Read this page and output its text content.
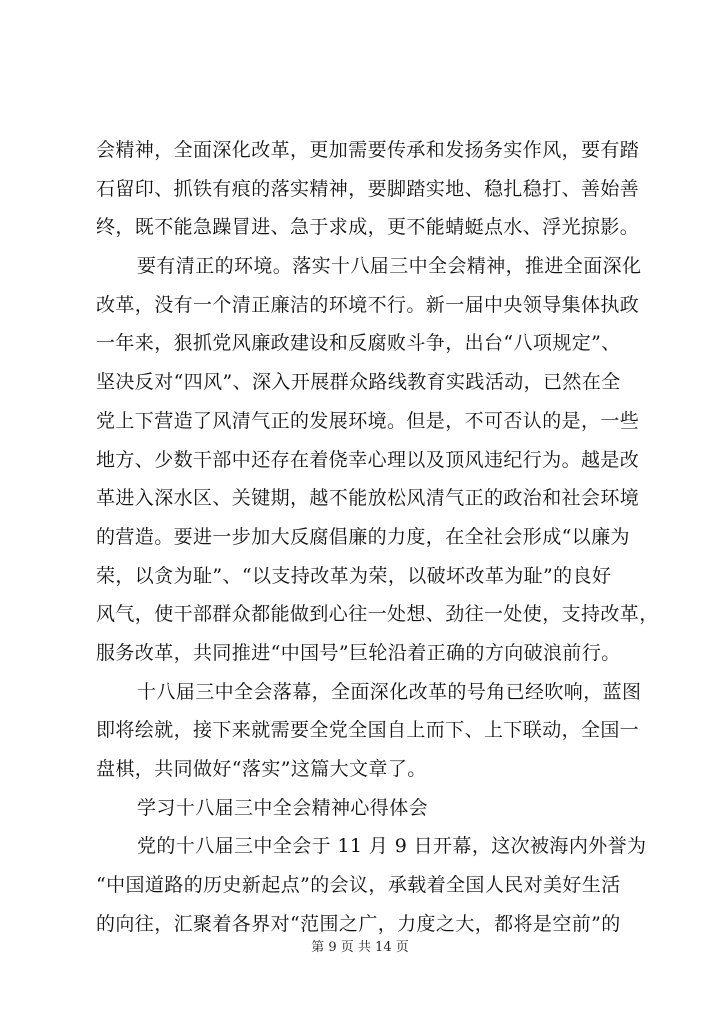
会精神，全面深化改革，更加需要传承和发扬务实作风，要有踏
石留印、抓铁有痕的落实精神，要脚踏实地、稳扎稳打、善始善
终，既不能急躁冒进、急于求成，更不能蜻蜓点水、浮光掠影。
要有清正的环境。落实十八届三中全会精神，推进全面深化
改革，没有一个清正廉洁的环境不行。新一届中央领导集体执政
一年来，狠抓党风廉政建设和反腐败斗争，出台“八项规定”、
坚决反对“四风”、深入开展群众路线教育实践活动，已然在全
党上下营造了风清气正的发展环境。但是，不可否认的是，一些
地方、少数干部中还存在着侥幸心理以及顶风违纪行为。越是改
革进入深水区、关键期，越不能放松风清气正的政治和社会环境
的营造。要进一步加大反腐倡廉的力度，在全社会形成“以廉为
荣，以贪为耻”、“以支持改革为荣，以破坏改革为耻”的良好
风气，使干部群众都能做到心往一处想、劲往一处使，支持改革，
服务改革，共同推进“中国号”巨轮沿着正确的方向破浪前行。
十八届三中全会落幕，全面深化改革的号角已经吹响，蓝图
即将绘就，接下来就需要全党全国自上而下、上下联动，全国一
盘棋，共同做好“落实”这篇大文章了。
学习十八届三中全会精神心得体会
党的十八届三中全会于 11 月 9 日开幕，这次被海内外誉为
“中国道路的历史新起点”的会议，承载着全国人民对美好生活
的向往，汇聚着各界对“范围之广，力度之大，都将是空前”的
第 9 页 共 14 页
